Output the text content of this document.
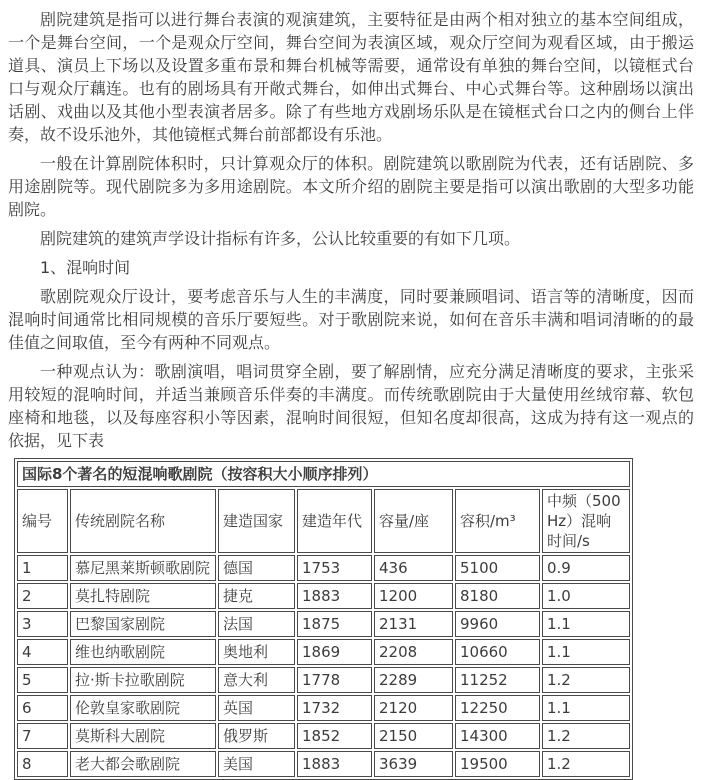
剧院建筑是指可以进行舞台表演的观演建筑，主要特征是由两个相对独立的基本空间组成，一个是舞台空间，一个是观众厅空间，舞台空间为表演区域，观众厅空间为观看区域，由于搬运道具、演员上下场以及设置多重布景和舞台机械等需要，通常设有单独的舞台空间，以镜框式台口与观众厅藕连。也有的剧场具有开敞式舞台，如伸出式舞台、中心式舞台等。这种剧场以演出话剧、戏曲以及其他小型表演者居多。除了有些地方戏剧场乐队是在镜框式台口之内的侧台上伴奏，故不设乐池外，其他镜框式舞台前部都设有乐池。

一般在计算剧院体积时，只计算观众厅的体积。剧院建筑以歌剧院为代表，还有话剧院、多用途剧院等。现代剧院多为多用途剧院。本文所介绍的剧院主要是指可以演出歌剧的大型多功能剧院。

剧院建筑的建筑声学设计指标有许多，公认比较重要的有如下几项。

1、混响时间

歌剧院观众厅设计，要考虑音乐与人生的丰满度，同时要兼顾唱词、语言等的清晰度，因而混响时间通常比相同规模的音乐厅要短些。对于歌剧院来说，如何在音乐丰满和唱词清晰的的最佳值之间取值，至今有两种不同观点。

一种观点认为：歌剧演唱，唱词贯穿全剧，要了解剧情，应充分满足清晰度的要求，主张采用较短的混响时间，并适当兼顾音乐伴奏的丰满度。而传统歌剧院由于大量使用丝绒帘幕、软包座椅和地毯，以及每座容积小等因素，混响时间很短，但知名度却很高，这成为持有这一观点的依据，见下表

国际8个著名的短混响歌剧院（按容积大小顺序排列）						
编号	传统剧院名称	建造国家	建造年代	容量/座	容积/m³	中频（500Hz）混响时间/s
1	慕尼黑莱斯顿歌剧院	德国	1753	436	5100	0.9
2	莫扎特剧院	捷克	1883	1200	8180	1.0
3	巴黎国家剧院	法国	1875	2131	9960	1.1
4	维也纳歌剧院	奥地利	1869	2208	10660	1.1
5	拉·斯卡拉歌剧院	意大利	1778	2289	11252	1.2
6	伦敦皇家歌剧院	英国	1732	2120	12250	1.1
7	莫斯科大剧院	俄罗斯	1852	2150	14300	1.2
8	老大都会歌剧院	美国	1883	3639	19500	1.2
